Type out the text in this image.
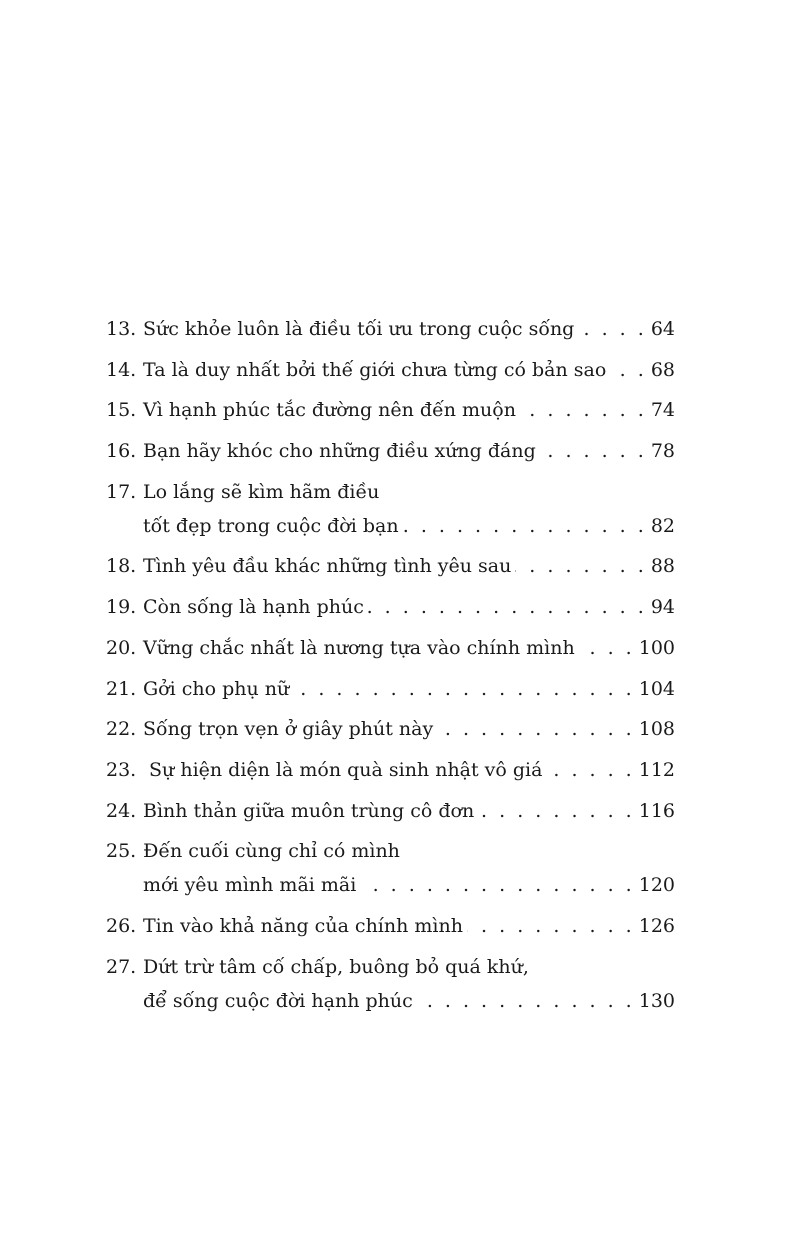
13. Sức khỏe luôn là điều tối ưu trong cuộc sống . . .	64
14. Ta là duy nhất bởi thế giới chưa từng có bản sao . . . 68
15. Vì hạnh phúc tắc đường nên đến muộn . . .	74
16. Bạn hãy khóc cho những điều xứng đáng . . .	78
17. Lo lắng sẽ kìm hãm điều
tốt đẹp trong cuộc đời bạn . . .	82
18. Tình yêu đầu khác những tình yêu sau . . .	88
19. Còn sống là hạnh phúc . . .	94
20. Vững chắc nhất là nương tựa vào chính mình . . .	100
21. Gởi cho phụ nữ . . .	104
22. Sống trọn vẹn ở giây phút này . . .	108
23. Sự hiện diện là món quà sinh nhật vô giá . . .	112
24. Bình thản giữa muôn trùng cô đơn . . .	116
25. Đến cuối cùng chỉ có mình
mới yêu mình mãi mãi . . .	120
26. Tin vào khả năng của chính mình . . .	126
27. Dứt trừ tâm cố chấp, buông bỏ quá khứ,
để sống cuộc đời hạnh phúc . . .	130
